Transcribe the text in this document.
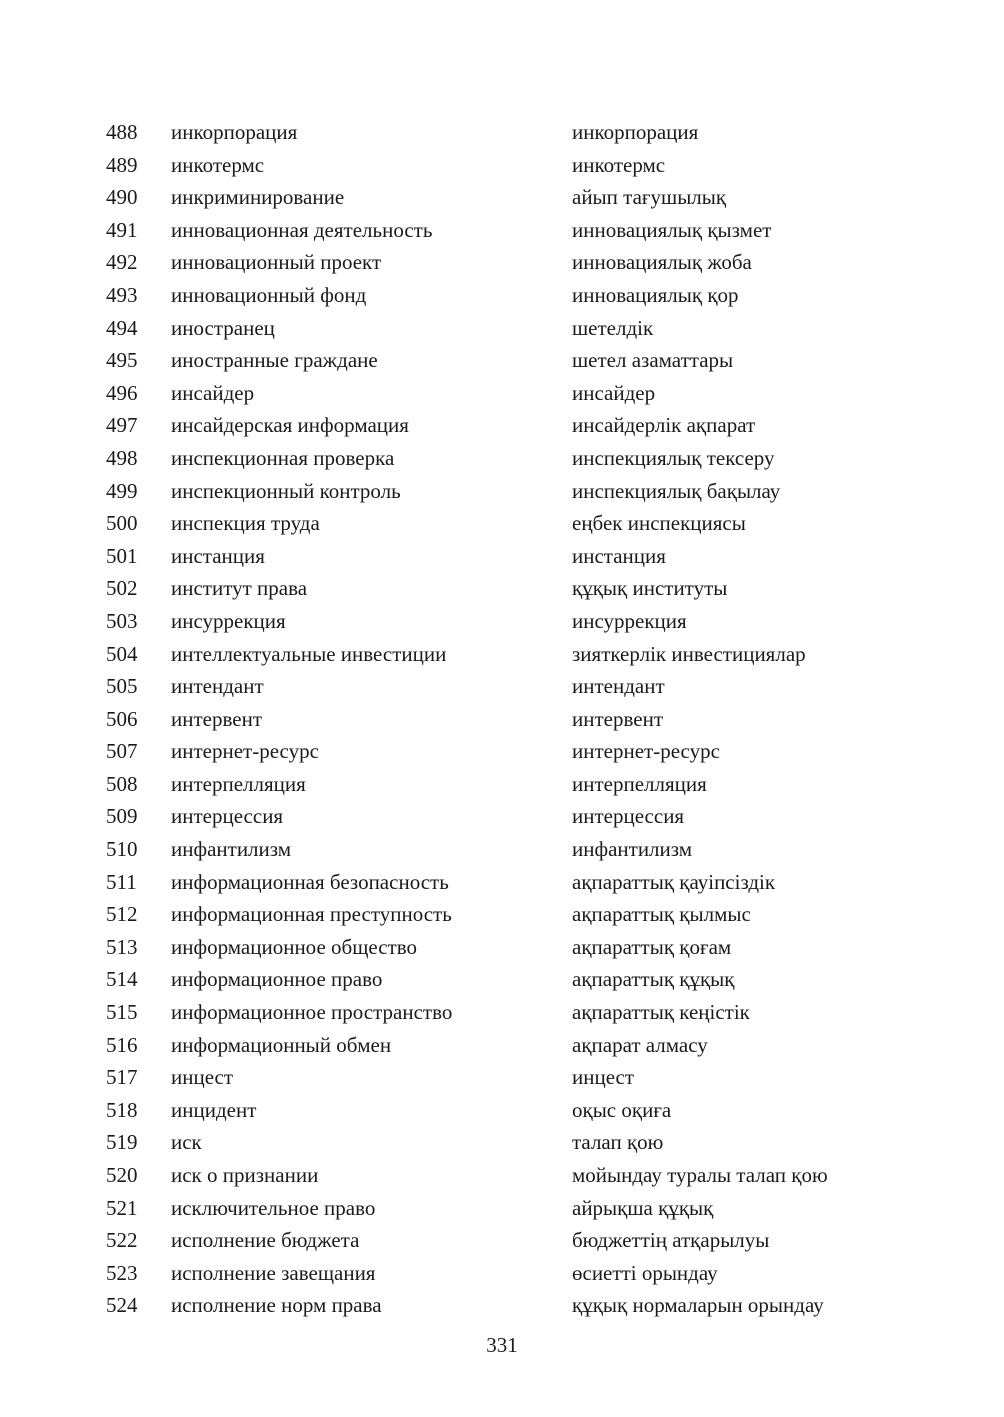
488 инкорпорация	инкорпорация
489 инкотермс	инкотермс
490 инкриминирование	айып тағушылық
491 инновационная деятельность	инновациялық қызмет
492 инновационный проект	инновациялық жоба
493 инновационный фонд	инновациялық қор
494 иностранец	шетелдік
495 иностранные граждане	шетел азаматтары
496 инсайдер	инсайдер
497 инсайдерская информация	инсайдерлік ақпарат
498 инспекционная проверка	инспекциялық тексеру
499 инспекционный контроль	инспекциялық бақылау
500 инспекция труда	еңбек инспекциясы
501 инстанция	инстанция
502 институт права	құқық институты
503 инсуррекция	инсуррекция
504 интеллектуальные инвестиции	зияткерлік инвестициялар
505 интендант	интендант
506 интервент	интервент
507 интернет-ресурс	интернет-ресурс
508 интерпелляция	интерпелляция
509 интерцессия	интерцессия
510 инфантилизм	инфантилизм
511 информационная безопасность	ақпараттық қауіпсіздік
512 информационная преступность	ақпараттық қылмыс
513 информационное общество	ақпараттық қоғам
514 информационное право	ақпараттық құқық
515 информационное пространство	ақпараттық кеңістік
516 информационный обмен	ақпарат алмасу
517 инцест	инцест
518 инцидент	оқыс оқиға
519 иск	талап қою
520 иск о признании	мойындау туралы талап қою
521 исключительное право	айрықша құқық
522 исполнение бюджета	бюджеттің атқарылуы
523 исполнение завещания	өсиетті орындау
524 исполнение норм права	құқық нормаларын орындау
331
